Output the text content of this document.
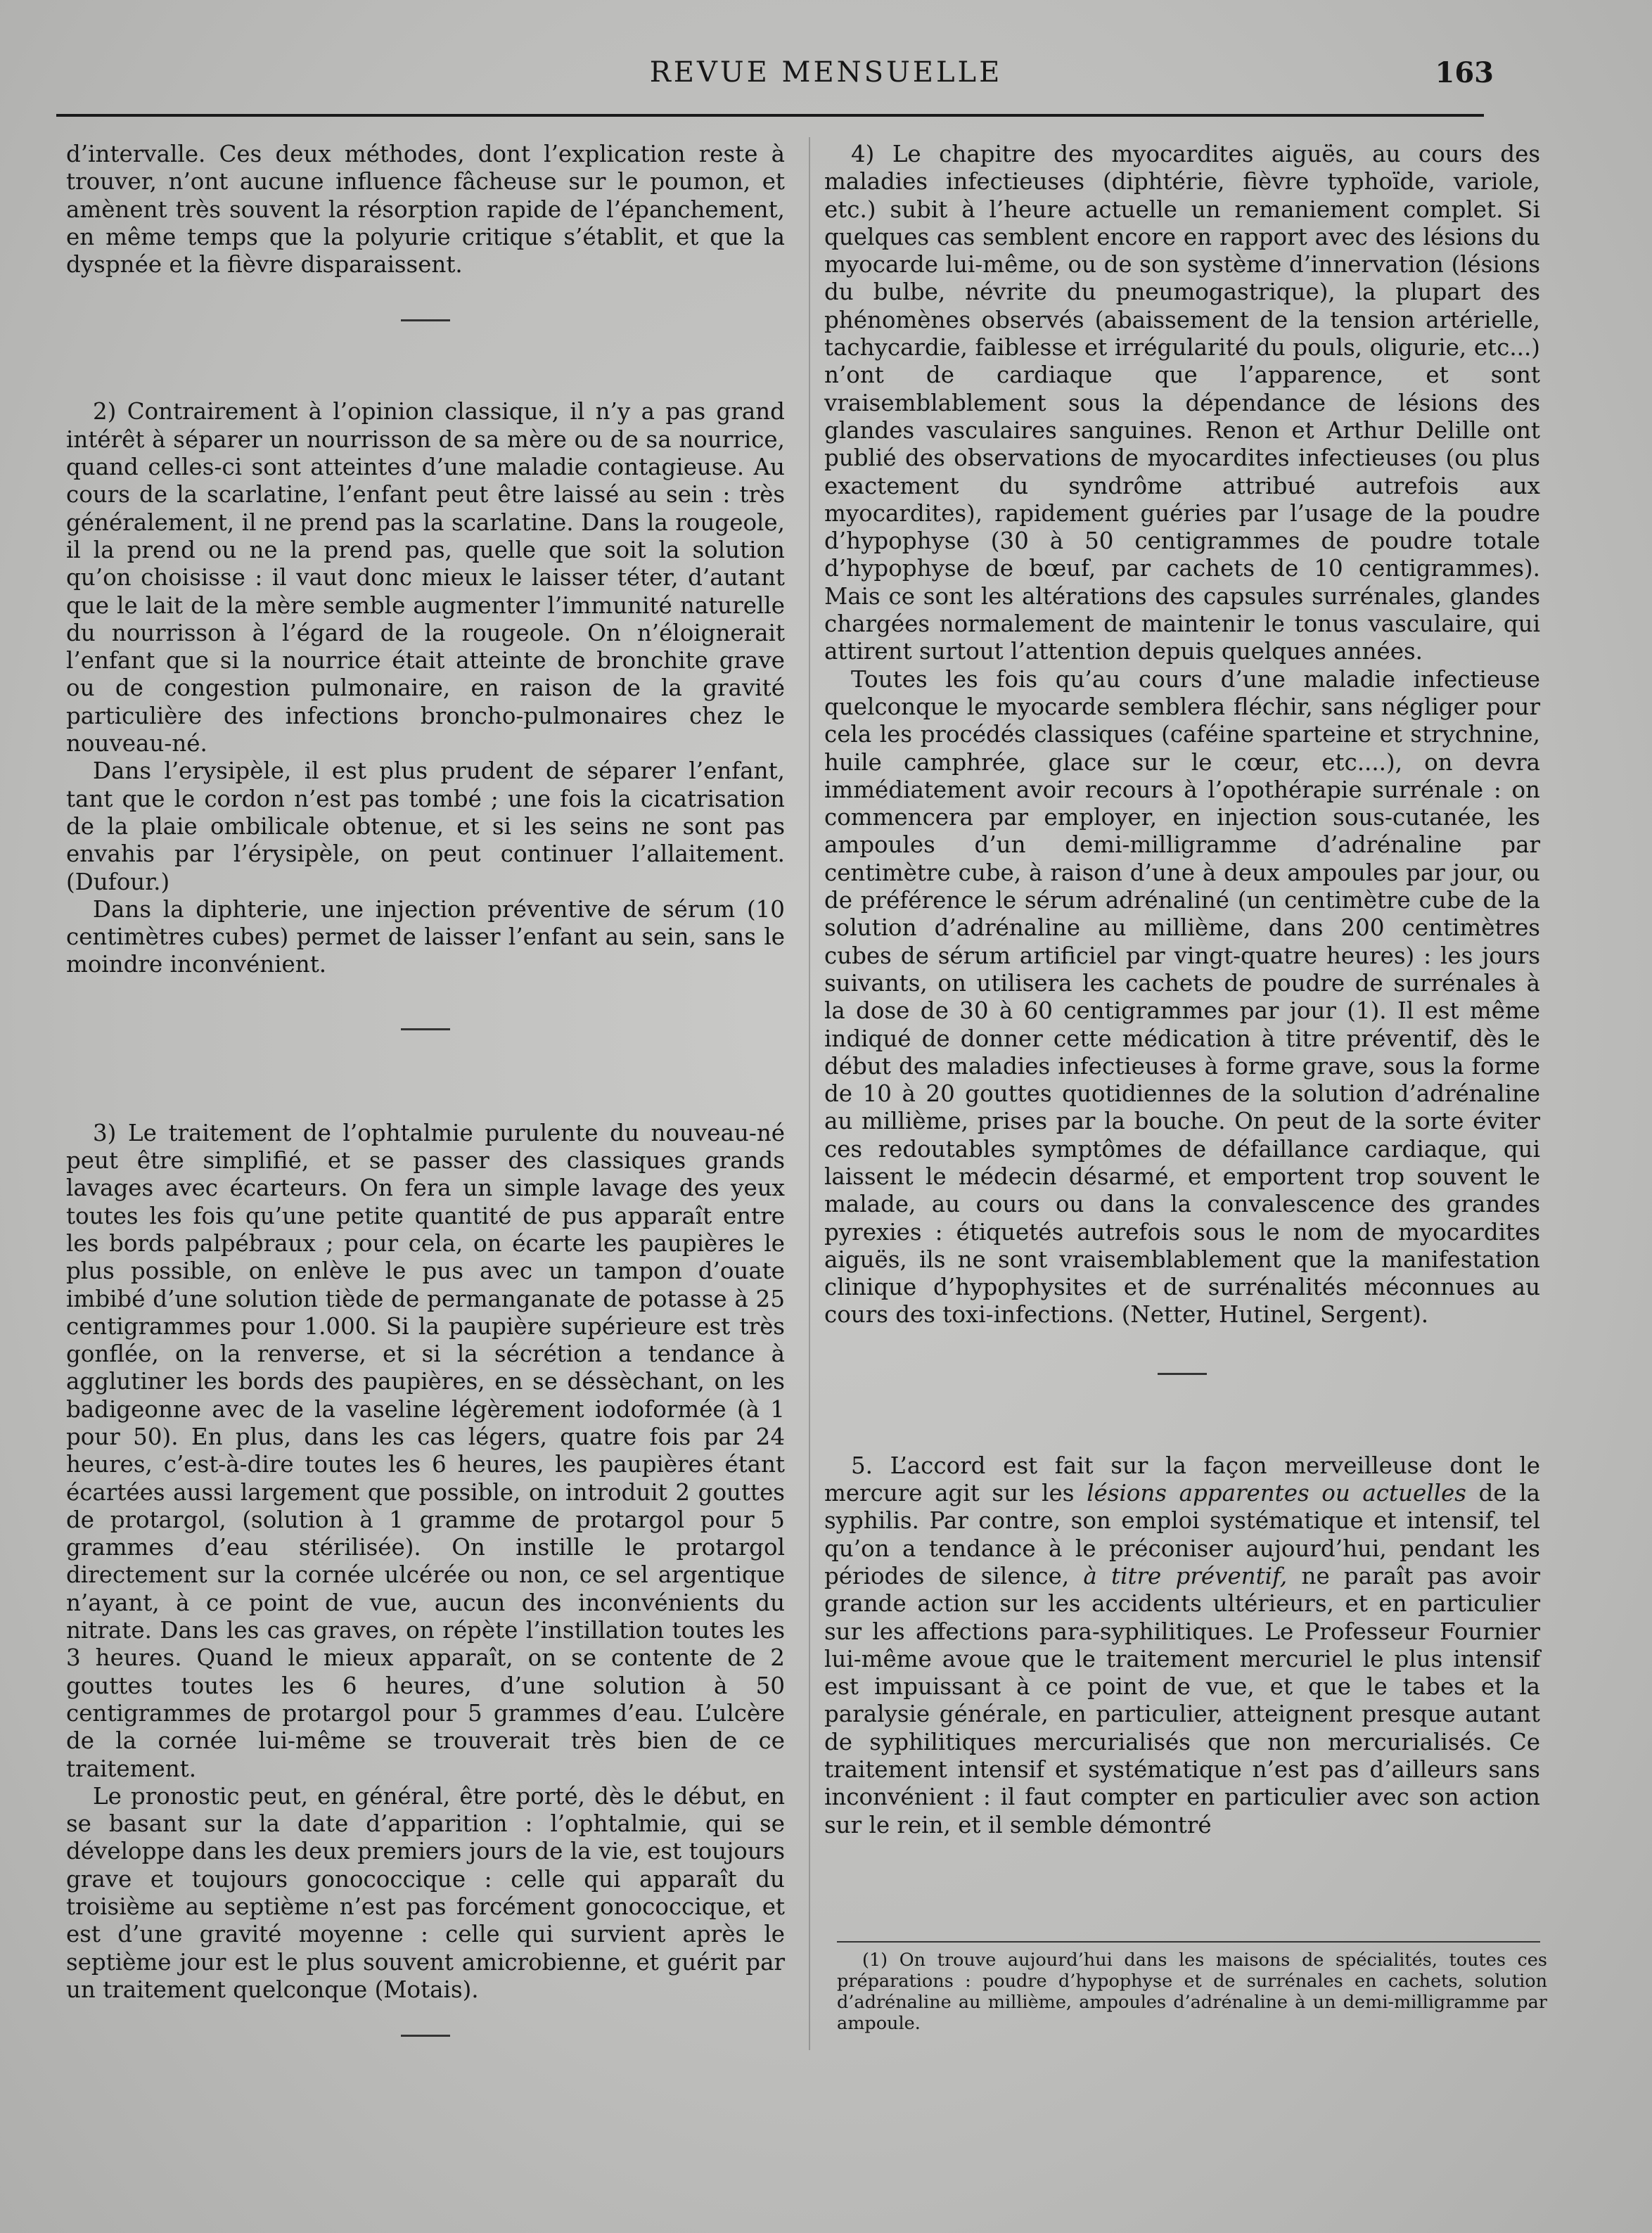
REVUE MENSUELLE	163

d’intervalle. Ces deux méthodes, dont l’explication reste à trouver, n’ont aucune influence fâcheuse sur le poumon, et amènent très souvent la résorption rapide de l’épanchement, en même temps que la polyurie critique s’établit, et que la dyspnée et la fièvre disparaissent.

2) Contrairement à l’opinion classique, il n’y a pas grand intérêt à séparer un nourrisson de sa mère ou de sa nourrice, quand celles-ci sont atteintes d’une maladie contagieuse. Au cours de la scarlatine, l’enfant peut être laissé au sein : très généralement, il ne prend pas la scarlatine. Dans la rougeole, il la prend ou ne la prend pas, quelle que soit la solution qu’on choisisse : il vaut donc mieux le laisser téter, d’autant que le lait de la mère semble augmenter l’immunité naturelle du nourrisson à l’égard de la rougeole. On n’éloignerait l’enfant que si la nourrice était atteinte de bronchite grave ou de congestion pulmonaire, en raison de la gravité particulière des infections broncho-pulmonaires chez le nouveau-né.

Dans l’erysipèle, il est plus prudent de séparer l’enfant, tant que le cordon n’est pas tombé ; une fois la cicatrisation de la plaie ombilicale obtenue, et si les seins ne sont pas envahis par l’érysipèle, on peut continuer l’allaitement. (Dufour.)

Dans la diphterie, une injection préventive de sérum (10 centimètres cubes) permet de laisser l’enfant au sein, sans le moindre inconvénient.

3) Le traitement de l’ophtalmie purulente du nouveau-né peut être simplifié, et se passer des classiques grands lavages avec écarteurs. On fera un simple lavage des yeux toutes les fois qu’une petite quantité de pus apparaît entre les bords palpébraux ; pour cela, on écarte les paupières le plus possible, on enlève le pus avec un tampon d’ouate imbibé d’une solution tiède de permanganate de potasse à 25 centigrammes pour 1.000. Si la paupière supérieure est très gonflée, on la renverse, et si la sécrétion a tendance à agglutiner les bords des paupières, en se déssèchant, on les badigeonne avec de la vaseline légèrement iodoformée (à 1 pour 50). En plus, dans les cas légers, quatre fois par 24 heures, c’est-à-dire toutes les 6 heures, les paupières étant écartées aussi largement que possible, on introduit 2 gouttes de protargol, (solution à 1 gramme de protargol pour 5 grammes d’eau stérilisée). On instille le protargol directement sur la cornée ulcérée ou non, ce sel argentique n’ayant, à ce point de vue, aucun des inconvénients du nitrate. Dans les cas graves, on répète l’instillation toutes les 3 heures. Quand le mieux apparaît, on se contente de 2 gouttes toutes les 6 heures, d’une solution à 50 centigrammes de protargol pour 5 grammes d’eau. L’ulcère de la cornée lui-même se trouverait très bien de ce traitement.

Le pronostic peut, en général, être porté, dès le début, en se basant sur la date d’apparition : l’ophtalmie, qui se développe dans les deux premiers jours de la vie, est toujours grave et toujours gonococcique : celle qui apparaît du troisième au septième n’est pas forcément gonococcique, et est d’une gravité moyenne : celle qui survient après le septième jour est le plus souvent amicrobienne, et guérit par un traitement quelconque (Motais).

4) Le chapitre des myocardites aiguës, au cours des maladies infectieuses (diphtérie, fièvre typhoïde, variole, etc.) subit à l’heure actuelle un remaniement complet. Si quelques cas semblent encore en rapport avec des lésions du myocarde lui-même, ou de son système d’innervation (lésions du bulbe, névrite du pneumogastrique), la plupart des phénomènes observés (abaissement de la tension artérielle, tachycardie, faiblesse et irrégularité du pouls, oligurie, etc...) n’ont de cardiaque que l’apparence, et sont vraisemblablement sous la dépendance de lésions des glandes vasculaires sanguines. Renon et Arthur Delille ont publié des observations de myocardites infectieuses (ou plus exactement du syndrôme attribué autrefois aux myocardites), rapidement guéries par l’usage de la poudre d’hypophyse (30 à 50 centigrammes de poudre totale d’hypophyse de bœuf, par cachets de 10 centigrammes). Mais ce sont les altérations des capsules surrénales, glandes chargées normalement de maintenir le tonus vasculaire, qui attirent surtout l’attention depuis quelques années.

Toutes les fois qu’au cours d’une maladie infectieuse quelconque le myocarde semblera fléchir, sans négliger pour cela les procédés classiques (caféine sparteine et strychnine, huile camphrée, glace sur le cœur, etc....), on devra immédiatement avoir recours à l’opothérapie surrénale : on commencera par employer, en injection sous-cutanée, les ampoules d’un demi-milligramme d’adrénaline par centimètre cube, à raison d’une à deux ampoules par jour, ou de préférence le sérum adrénaliné (un centimètre cube de la solution d’adrénaline au millième, dans 200 centimètres cubes de sérum artificiel par vingt-quatre heures) : les jours suivants, on utilisera les cachets de poudre de surrénales à la dose de 30 à 60 centigrammes par jour (1). Il est même indiqué de donner cette médication à titre préventif, dès le début des maladies infectieuses à forme grave, sous la forme de 10 à 20 gouttes quotidiennes de la solution d’adrénaline au millième, prises par la bouche. On peut de la sorte éviter ces redoutables symptômes de défaillance cardiaque, qui laissent le médecin désarmé, et emportent trop souvent le malade, au cours ou dans la convalescence des grandes pyrexies : étiquetés autrefois sous le nom de myocardites aiguës, ils ne sont vraisemblablement que la manifestation clinique d’hypophysites et de surrénalités méconnues au cours des toxi-infections. (Netter, Hutinel, Sergent).

5. L’accord est fait sur la façon merveilleuse dont le mercure agit sur les lésions apparentes ou actuelles de la syphilis. Par contre, son emploi systématique et intensif, tel qu’on a tendance à le préconiser aujourd’hui, pendant les périodes de silence, à titre préventif, ne paraît pas avoir grande action sur les accidents ultérieurs, et en particulier sur les affections para-syphilitiques. Le Professeur Fournier lui-même avoue que le traitement mercuriel le plus intensif est impuissant à ce point de vue, et que le tabes et la paralysie générale, en particulier, atteignent presque autant de syphilitiques mercurialisés que non mercurialisés. Ce traitement intensif et systématique n’est pas d’ailleurs sans inconvénient : il faut compter en particulier avec son action sur le rein, et il semble démontré

(1) On trouve aujourd’hui dans les maisons de spécialités, toutes ces préparations : poudre d’hypophyse et de surrénales en cachets, solution d’adrénaline au millième, ampoules d’adrénaline à un demi-milligramme par ampoule.
